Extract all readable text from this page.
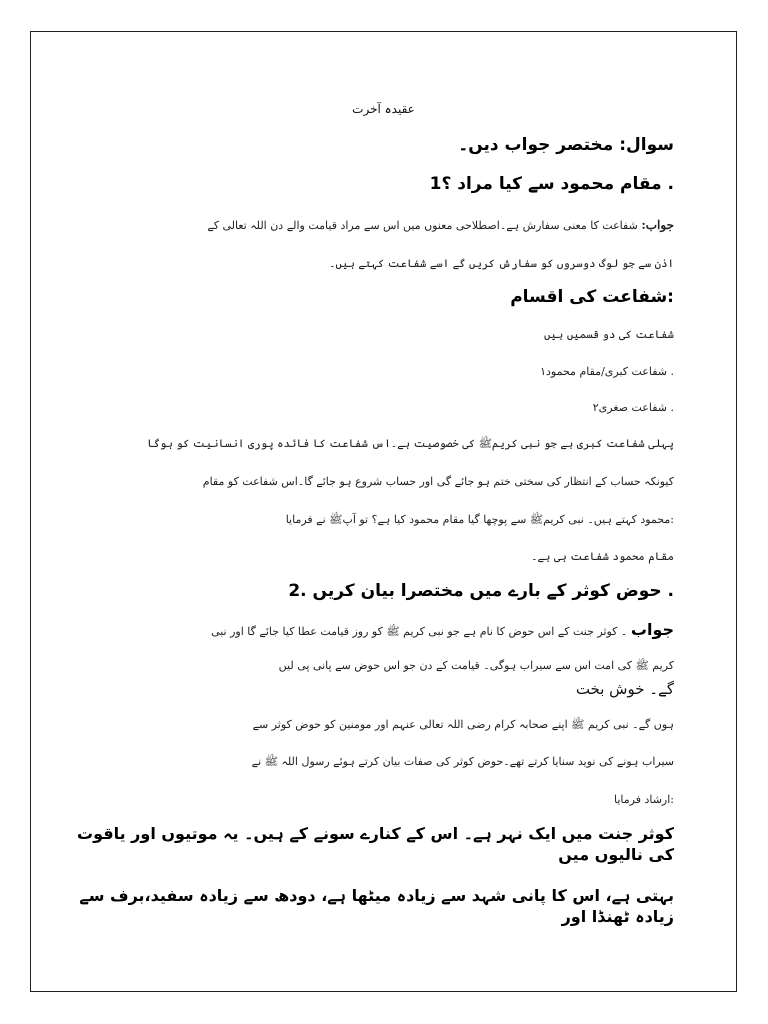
عقیدہ آخرت
سوال: مختصر جواب دیں۔
. مقام محمود سے کیا مراد ؟1
جواب: شفاعت کا معنی سفارش ہے۔اصطلاحی معنوں میں اس سے مراد قیامت والے دن اللہ تعالی کے
اذن سے جو لوگ دوسروں کو سفارش کریں گے اسے شفاعت کہتے ہیں۔
:شفاعت کی اقسام
شفاعت کی دو قسمیں ہیں
. شفاعت کبری/مقام محمود١
. شفاعت صغری٢
پہلی شفاعت کبری ہے جو نبی کریمﷺ کی خصوصیت ہے۔اس شفاعت کا فائدہ پوری انسانیت کو ہوگا
کیونکہ حساب کے انتظار کی سختی ختم ہو جائے گی اور حساب شروع ہو جائے گا۔اس شفاعت کو مقام
:محمود کہتے ہیں۔ نبی کریمﷺ سے پوچھا گیا مقام محمود کیا ہے؟ تو آپﷺ نے فرمایا
مقام محمود شفاعت ہی ہے۔
. حوض کوثر کے بارے میں مختصرا بیان کریں .2
جواب ۔ کوثر جنت کے اس حوض کا نام ہے جو نبی کریم ﷺ کو روز قیامت عطا کیا جائے گا اور نبی
کریم ﷺ کی امت اس سے سیراب ہوگی۔ قیامت کے دن جو اس حوض سے پانی پی لیں
گے۔ خوش بخت
ہوں گے۔ نبی کریم ﷺ اپنے صحابہ کرام رضی اللہ تعالی عنہم اور مومنین کو حوض کوثر سے
سیراب ہونے کی نوید سنایا کرتے تھے۔حوض کوثر کی صفات بیان کرتے ہوئے رسول اللہ ﷺ نے
:ارشاد فرمایا
کوثر جنت میں ایک نہر ہے۔ اس کے کنارے سونے کے ہیں۔ یہ موتیوں اور یاقوت کی نالیوں میں
بہتی ہے، اس کا پانی شہد سے زیادہ میٹھا ہے، دودھ سے زیادہ سفید،برف سے زیادہ ٹھنڈا اور
